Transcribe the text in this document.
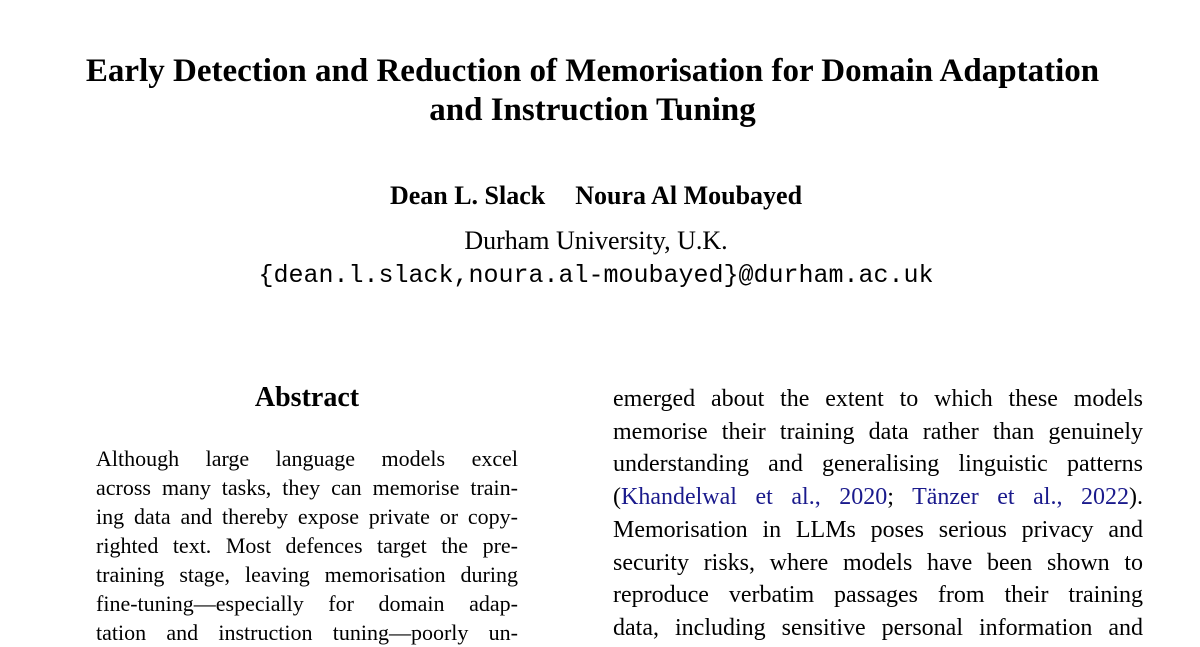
Early Detection and Reduction of Memorisation for Domain Adaptation
and Instruction Tuning
Dean L. Slack Noura Al Moubayed
Durham University, U.K.
{dean.l.slack,noura.al-moubayed}@durham.ac.uk
Abstract
Although large language models excel
across many tasks, they can memorise train-
ing data and thereby expose private or copy-
righted text. Most defences target the pre-
training stage, leaving memorisation during
fine-tuning—especially for domain adap-
tation and instruction tuning—poorly un-
emerged about the extent to which these models
memorise their training data rather than genuinely
understanding and generalising linguistic patterns
(Khandelwal et al., 2020; Tänzer et al., 2022).
Memorisation in LLMs poses serious privacy and
security risks, where models have been shown to
reproduce verbatim passages from their training
data, including sensitive personal information and
